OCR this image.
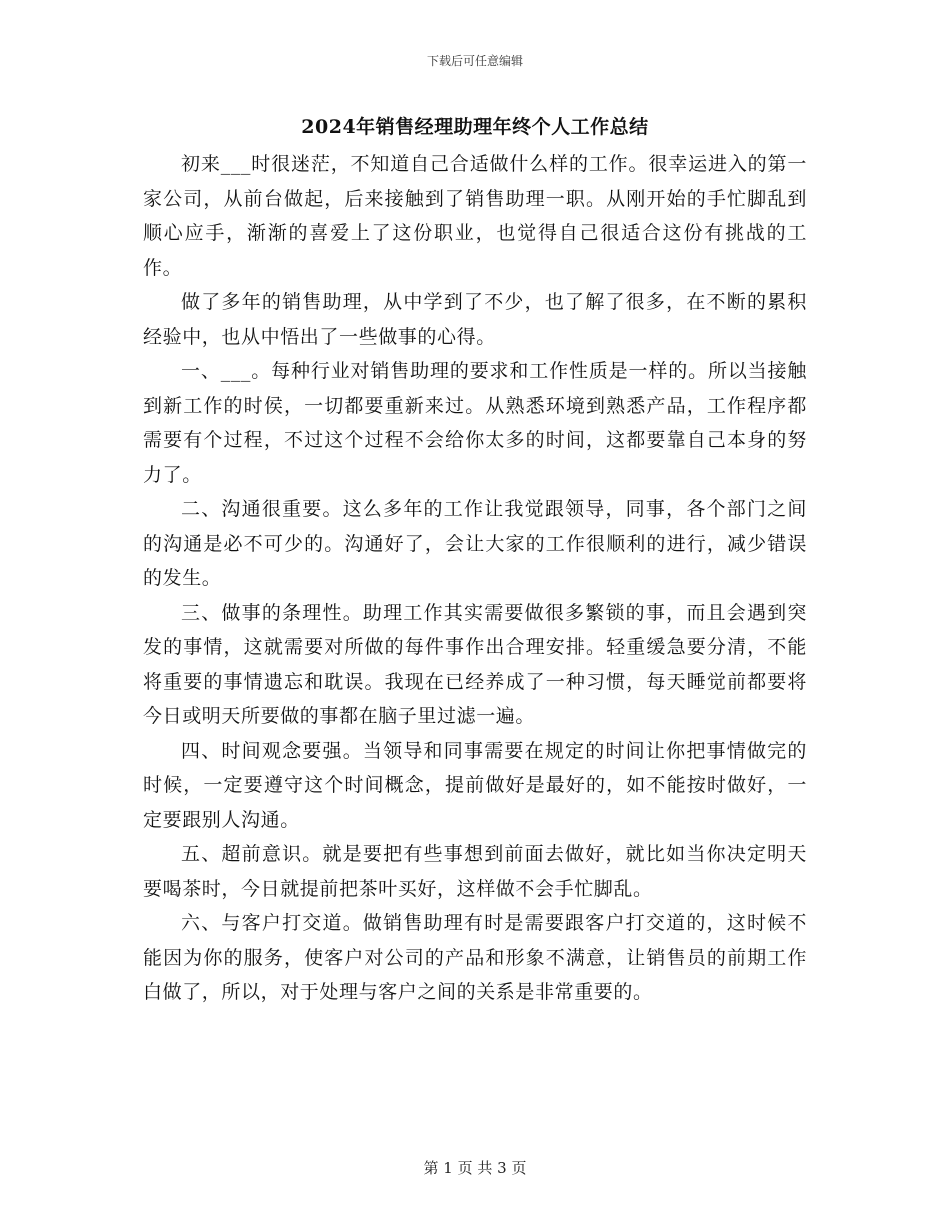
下载后可任意编辑
2024年销售经理助理年终个人工作总结

初来___时很迷茫，不知道自己合适做什么样的工作。很幸运进入的第一家公司，从前台做起，后来接触到了销售助理一职。从刚开始的手忙脚乱到顺心应手，渐渐的喜爱上了这份职业，也觉得自己很适合这份有挑战的工作。

做了多年的销售助理，从中学到了不少，也了解了很多，在不断的累积经验中，也从中悟出了一些做事的心得。

一、___。每种行业对销售助理的要求和工作性质是一样的。所以当接触到新工作的时侯，一切都要重新来过。从熟悉环境到熟悉产品，工作程序都需要有个过程，不过这个过程不会给你太多的时间，这都要靠自己本身的努力了。

二、沟通很重要。这么多年的工作让我觉跟领导，同事，各个部门之间的沟通是必不可少的。沟通好了，会让大家的工作很顺利的进行，减少错误的发生。

三、做事的条理性。助理工作其实需要做很多繁锁的事，而且会遇到突发的事情，这就需要对所做的每件事作出合理安排。轻重缓急要分清，不能将重要的事情遗忘和耽误。我现在已经养成了一种习惯，每天睡觉前都要将今日或明天所要做的事都在脑子里过滤一遍。

四、时间观念要强。当领导和同事需要在规定的时间让你把事情做完的时候，一定要遵守这个时间概念，提前做好是最好的，如不能按时做好，一定要跟别人沟通。

五、超前意识。就是要把有些事想到前面去做好，就比如当你决定明天要喝茶时，今日就提前把茶叶买好，这样做不会手忙脚乱。

六、与客户打交道。做销售助理有时是需要跟客户打交道的，这时候不能因为你的服务，使客户对公司的产品和形象不满意，让销售员的前期工作白做了，所以，对于处理与客户之间的关系是非常重要的。

第 1 页 共 3 页
